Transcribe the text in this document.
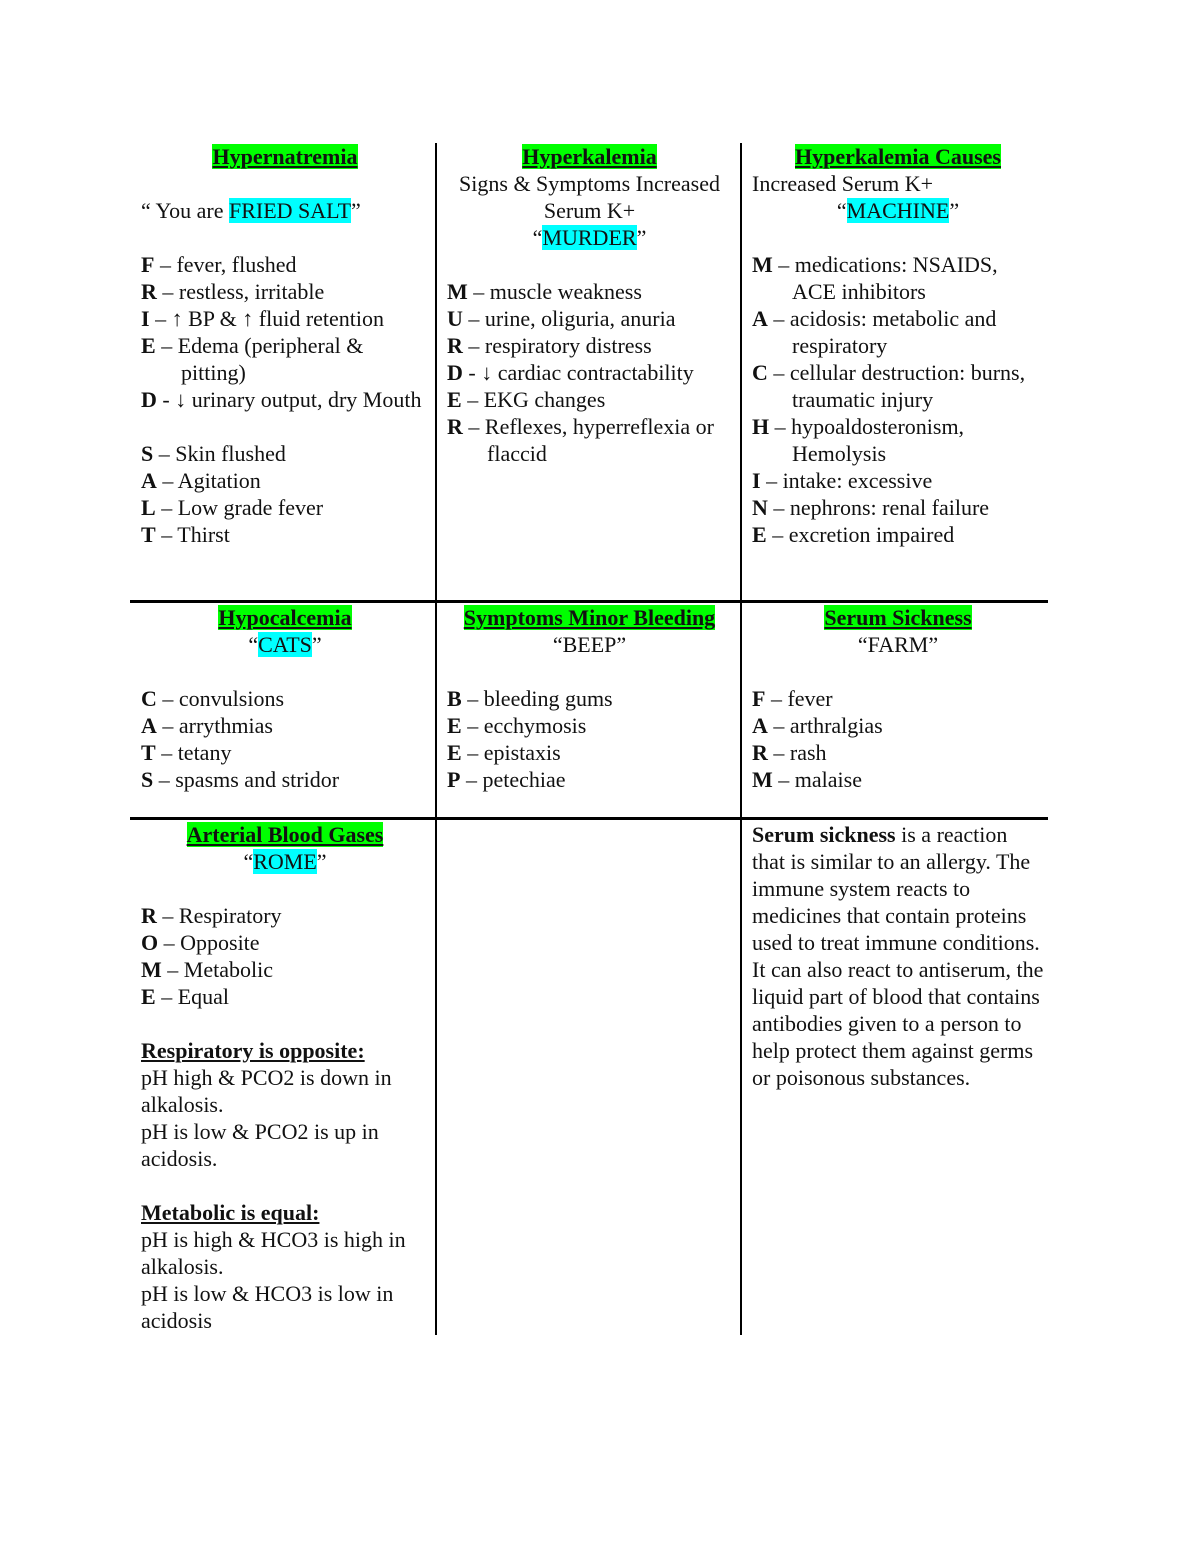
Hypernatremia
“ You are FRIED SALT”
F – fever, flushed
R – restless, irritable
I – ↑ BP & ↑ fluid retention
E – Edema (peripheral & pitting)
D - ↓ urinary output, dry Mouth
S – Skin flushed
A – Agitation
L – Low grade fever
T – Thirst
Hyperkalemia
Signs & Symptoms Increased Serum K+
“MURDER”
M – muscle weakness
U – urine, oliguria, anuria
R – respiratory distress
D - ↓ cardiac contractability
E – EKG changes
R – Reflexes, hyperreflexia or flaccid
Hyperkalemia Causes
Increased Serum K+
“MACHINE”
M – medications: NSAIDS, ACE inhibitors
A – acidosis: metabolic and respiratory
C – cellular destruction: burns, traumatic injury
H – hypoaldosteronism, Hemolysis
I – intake: excessive
N – nephrons: renal failure
E – excretion impaired
Hypocalcemia
“CATS”
C – convulsions
A – arrythmias
T – tetany
S – spasms and stridor
Symptoms Minor Bleeding
“BEEP”
B – bleeding gums
E – ecchymosis
E – epistaxis
P – petechiae
Serum Sickness
“FARM”
F – fever
A – arthralgias
R – rash
M – malaise
Arterial Blood Gases
“ROME”
R – Respiratory
O – Opposite
M – Metabolic
E – Equal
Respiratory is opposite:
pH high & PCO2 is down in alkalosis.
pH is low & PCO2 is up in acidosis.
Metabolic is equal:
pH is high & HCO3 is high in alkalosis.
pH is low & HCO3 is low in acidosis
Serum sickness is a reaction that is similar to an allergy. The immune system reacts to medicines that contain proteins used to treat immune conditions. It can also react to antiserum, the liquid part of blood that contains antibodies given to a person to help protect them against germs or poisonous substances.
